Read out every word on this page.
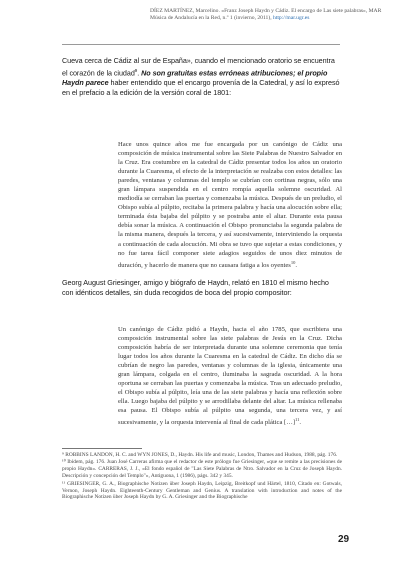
DÍEZ MARTÍNEZ, Marcelino. «Franz Joseph Haydn y Cádiz. El encargo de Las siete palabras», MAR Música de Andalucía en la Red, n.º 1 (invierno, 2011), http://mar.ugr.es
Cueva cerca de Cádiz al sur de España», cuando el mencionado oratorio se encuentra el corazón de la ciudad$^9$. No son gratuitas estas erróneas atribuciones; el propio Haydn parece haber entendido que el encargo provenía de la Catedral, y así lo expresó en el prefacio a la edición de la versión coral de 1801:

Hace unos quince años me fue encargada por un canónigo de Cádiz una composición de música instrumental sobre las Siete Palabras de Nuestro Salvador en la Cruz. Era costumbre en la catedral de Cádiz presentar todos los años un oratorio durante la Cuaresma, el efecto de la interpretación se realzaba con estos detalles: las paredes, ventanas y columnas del templo se cubrían con cortinas negras, sólo una gran lámpara suspendida en el centro rompía aquella solemne oscuridad. Al mediodía se cerraban las puertas y comenzaba la música. Después de un preludio, el Obispo subía al púlpito, recitaba la primera palabra y hacía una alocución sobre ella; terminada ésta bajaba del púlpito y se postraba ante el altar. Durante esta pausa debía sonar la música. A continuación el Obispo pronunciaba la segunda palabra de la misma manera, después la tercera, y así sucesivamente, interviniendo la orquesta a continuación de cada alocución. Mi obra se tuvo que sujetar a estas condiciones, y no fue tarea fácil componer siete adagios seguidos de unos diez minutos de duración, y hacerlo de manera que no causara fatiga a los oyentes$^{10}$.

Georg August Griesinger, amigo y biógrafo de Haydn, relató en 1810 el mismo hecho con idénticos detalles, sin duda recogidos de boca del propio compositor:

Un canónigo de Cádiz pidió a Haydn, hacia el año 1785, que escribiera una composición instrumental sobre las siete palabras de Jesús en la Cruz. Dicha composición habría de ser interpretada durante una solemne ceremonia que tenía lugar todos los años durante la Cuaresma en la catedral de Cádiz. En dicho día se cubrían de negro las paredes, ventanas y columnas de la iglesia, únicamente una gran lámpara, colgada en el centro, iluminaba la sagrada oscuridad. A la hora oportuna se cerraban las puertas y comenzaba la música. Tras un adecuado preludio, el Obispo subía al púlpito, leía una de las siete palabras y hacía una reflexión sobre ella. Luego bajaba del púlpito y se arrodillaba delante del altar. La música rellenaba esa pausa. El Obispo subía al púlpito una segunda, una tercera vez, y así sucesivamente, y la orquesta intervenía al final de cada plática […]$^{11}$.

⁹ ROBBINS LANDON, H. C. and WYN JONES, D., Haydn. His life and music, London, Thames and Hudson, 1988, pág. 176.

¹⁰ Ibídem, pág. 176. Juan José Carreras afirma que el redactor de este prólogo fue Griesinger, «que se remite a las precisiones de propio Haydn». CARRERAS, J. J., «El fondo español de "Las Siete Palabras de Ntro. Salvador en la Cruz de Joseph Haydn. Descripción y concepción del Templo"», Antiguona, 1 (1986), págs. 342 y 345.

¹¹ GRIESINGER, G. A., Biographische Notizen über Joseph Haydn, Leipzig, Breitkopf und Härtel, 1810, Citado en: Gotwals, Vernon, Joseph Haydn. Eighteenth-Century Gentleman and Genius. A translation with introduction and notes of the Biographische Notizen über Joseph Haydn by G. A. Griesinger and the Biographische

29
